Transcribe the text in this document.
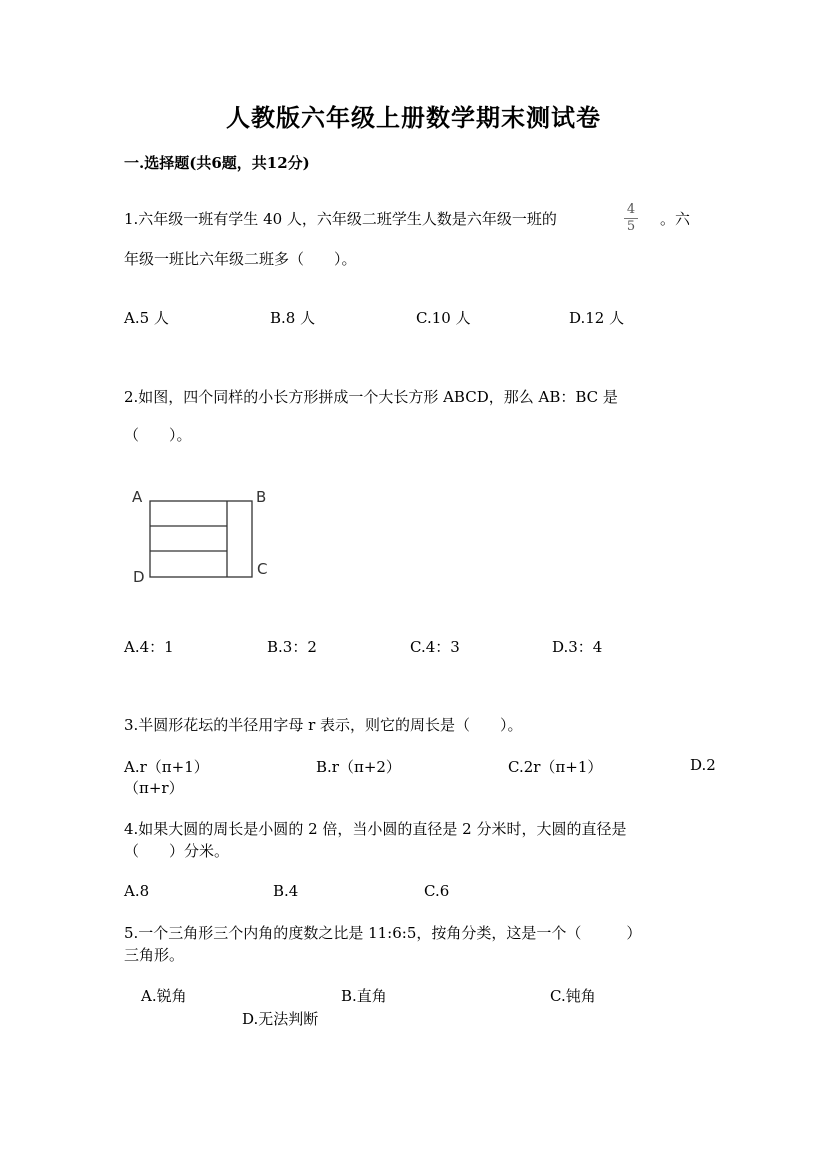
人教版六年级上册数学期末测试卷
一.选择题(共6题，共12分)
1.六年级一班有学生 40 人，六年级二班学生人数是六年级一班的
4
5 。六
年级一班比六年级二班多（　　）。
A.5 人	B.8 人	C.10 人	D.12 人
2.如图，四个同样的小长方形拼成一个大长方形 ABCD，那么 AB：BC 是
（　　）。
A	B
C
D
A.4：1	B.3：2	C.4：3	D.3：4
3.半圆形花坛的半径用字母 r 表示，则它的周长是（　　）。
A.r（π+1）	B.r（π+2）	C.2r（π+1）	D.2
（π+r）
4.如果大圆的周长是小圆的 2 倍，当小圆的直径是 2 分米时，大圆的直径是
（　　）分米。
A.8	B.4	C.6
5.一个三角形三个内角的度数之比是 11:6:5，按角分类，这是一个（　　　）
三角形。
A.锐角	B.直角	C.钝角
D.无法判断
